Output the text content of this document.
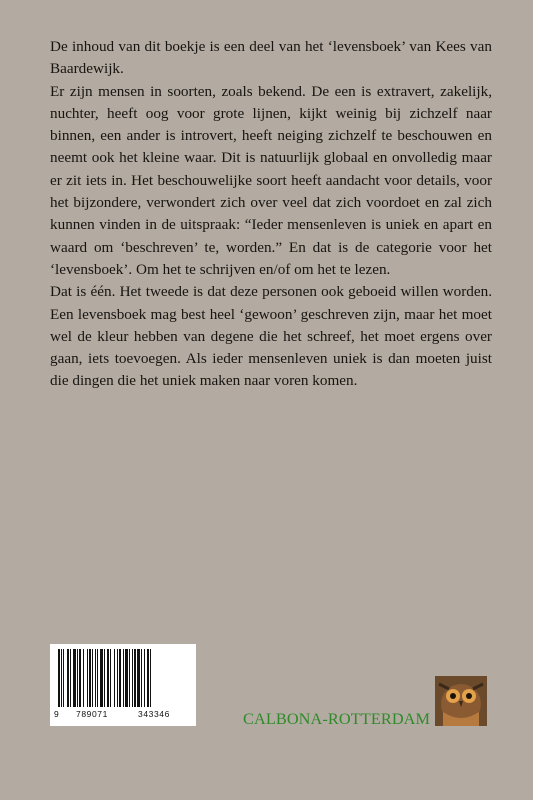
De inhoud van dit boekje is een deel van het ‘levensboek’ van Kees van Baardewijk.

Er zijn mensen in soorten, zoals bekend. De een is extravert, zakelijk, nuchter, heeft oog voor grote lijnen, kijkt weinig bij zichzelf naar binnen, een ander is introvert, heeft neiging zichzelf te beschouwen en neemt ook het kleine waar. Dit is natuurlijk globaal en onvolledig maar er zit iets in. Het beschouwelijke soort heeft aandacht voor details, voor het bijzondere, verwondert zich over veel dat zich voordoet en zal zich kunnen vinden in de uitspraak: “Ieder mensenleven is uniek en apart en waard om ‘beschreven’ te, worden.” En dat is de categorie voor het ‘levensboek’. Om het te schrijven en/of om het te lezen.

Dat is één. Het tweede is dat deze personen ook geboeid willen worden. Een levensboek mag best heel ‘gewoon’ geschreven zijn, maar het moet wel de kleur hebben van degene die het schreef, het moet ergens over gaan, iets toevoegen. Als ieder mensenleven uniek is dan moeten juist die dingen die het uniek maken naar voren komen.

9 789071	343346	CALBONA-ROTTERDAM
